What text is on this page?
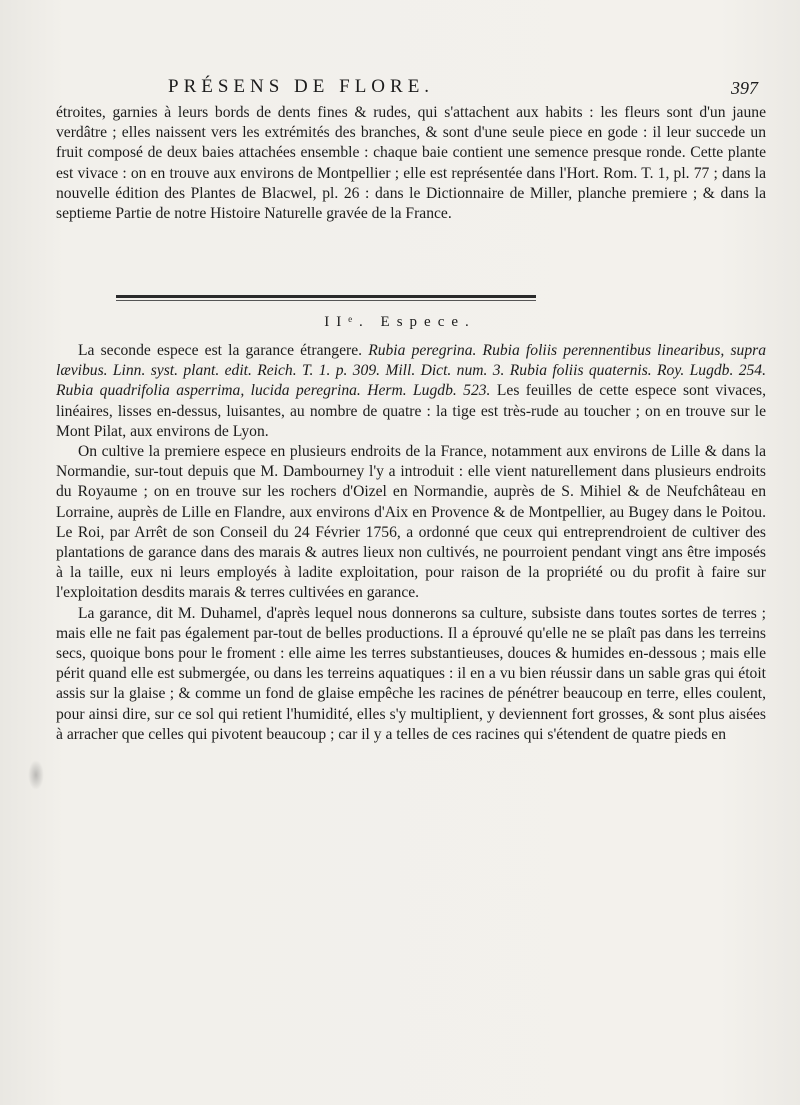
PRÉSENS DE FLORE.	397

étroites, garnies à leurs bords de dents fines & rudes, qui s'attachent aux habits : les fleurs sont d'un jaune verdâtre ; elles naissent vers les extrémités des branches, & sont d'une seule piece en gode : il leur succede un fruit composé de deux baies attachées ensemble : chaque baie contient une semence presque ronde. Cette plante est vivace : on en trouve aux environs de Montpellier ; elle est représentée dans l'Hort. Rom. T. 1, pl. 77 ; dans la nouvelle édition des Plantes de Blacwel, pl. 26 : dans le Dictionnaire de Miller, planche premiere ; & dans la septieme Partie de notre Histoire Naturelle gravée de la France.

IIᵉ. Espece.

La seconde espece est la garance étrangere. Rubia peregrina. Rubia foliis perennentibus linearibus, supra lævibus. Linn. syst. plant. edit. Reich. T. 1. p. 309. Mill. Dict. num. 3. Rubia foliis quaternis. Roy. Lugdb. 254. Rubia quadrifolia asperrima, lucida peregrina. Herm. Lugdb. 523. Les feuilles de cette espece sont vivaces, linéaires, lisses en-dessus, luisantes, au nombre de quatre : la tige est très-rude au toucher ; on en trouve sur le Mont Pilat, aux environs de Lyon.

On cultive la premiere espece en plusieurs endroits de la France, notamment aux environs de Lille & dans la Normandie, sur-tout depuis que M. Dambourney l'y a introduit : elle vient naturellement dans plusieurs endroits du Royaume ; on en trouve sur les rochers d'Oizel en Normandie, auprès de S. Mihiel & de Neufchâteau en Lorraine, auprès de Lille en Flandre, aux environs d'Aix en Provence & de Montpellier, au Bugey dans le Poitou. Le Roi, par Arrêt de son Conseil du 24 Février 1756, a ordonné que ceux qui entreprendroient de cultiver des plantations de garance dans des marais & autres lieux non cultivés, ne pourroient pendant vingt ans être imposés à la taille, eux ni leurs employés à ladite exploitation, pour raison de la propriété ou du profit à faire sur l'exploitation desdits marais & terres cultivées en garance.

La garance, dit M. Duhamel, d'après lequel nous donnerons sa culture, subsiste dans toutes sortes de terres ; mais elle ne fait pas également par-tout de belles productions. Il a éprouvé qu'elle ne se plaît pas dans les terreins secs, quoique bons pour le froment : elle aime les terres substantieuses, douces & humides en-dessous ; mais elle périt quand elle est submergée, ou dans les terreins aquatiques : il en a vu bien réussir dans un sable gras qui étoit assis sur la glaise ; & comme un fond de glaise empêche les racines de pénétrer beaucoup en terre, elles coulent, pour ainsi dire, sur ce sol qui retient l'humidité, elles s'y multiplient, y deviennent fort grosses, & sont plus aisées à arracher que celles qui pivotent beaucoup ; car il y a telles de ces racines qui s'étendent de quatre pieds en
